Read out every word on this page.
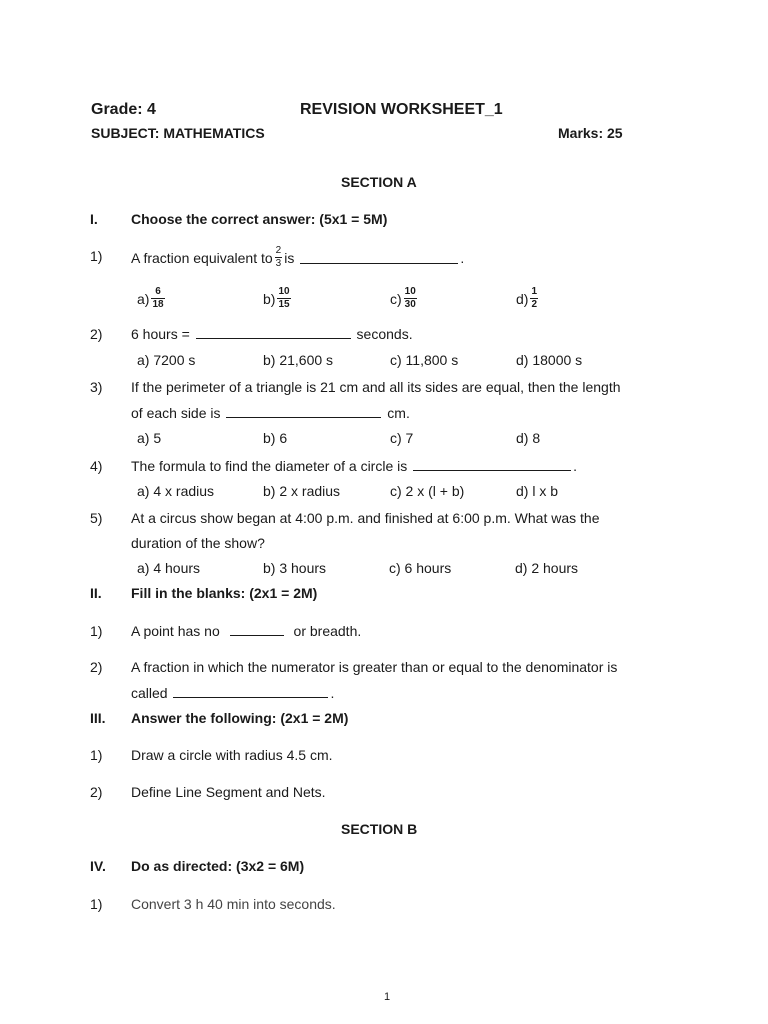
Grade: 4	REVISION WORKSHEET_1
SUBJECT: MATHEMATICS	Marks: 25
SECTION A
I. Choose the correct answer: (5x1 = 5M)
1) A fraction equivalent to $\frac{2}{3}$ is	.
$a) \frac{6}{18}$	$b) \frac{10}{15}$	$c) \frac{10}{30}$	$d) \frac{1}{2}$
2) 6 hours =	seconds.
a) 7200 s	b) 21,600 s	c) 11,800 s	d) 18000 s
3) If the perimeter of a triangle is 21 cm and all its sides are equal, then the length
of each side is	cm.
a) 5	b) 6	c) 7	d) 8
4) The formula to find the diameter of a circle is	.
a) 4 x radius	b) 2 x radius	c) 2 x (l + b)	d) l x b
5) At a circus show began at 4:00 p.m. and finished at 6:00 p.m. What was the
duration of the show?
a) 4 hours	b) 3 hours	c) 6 hours	d) 2 hours
II. Fill in the blanks: (2x1 = 2M)
1) A point has no	or breadth.
2) A fraction in which the numerator is greater than or equal to the denominator is
called	.
III. Answer the following: (2x1 = 2M)
1) Draw a circle with radius 4.5 cm.
2) Define Line Segment and Nets.
SECTION B
IV. Do as directed: (3x2 = 6M)
1) Convert 3 h 40 min into seconds.
1
